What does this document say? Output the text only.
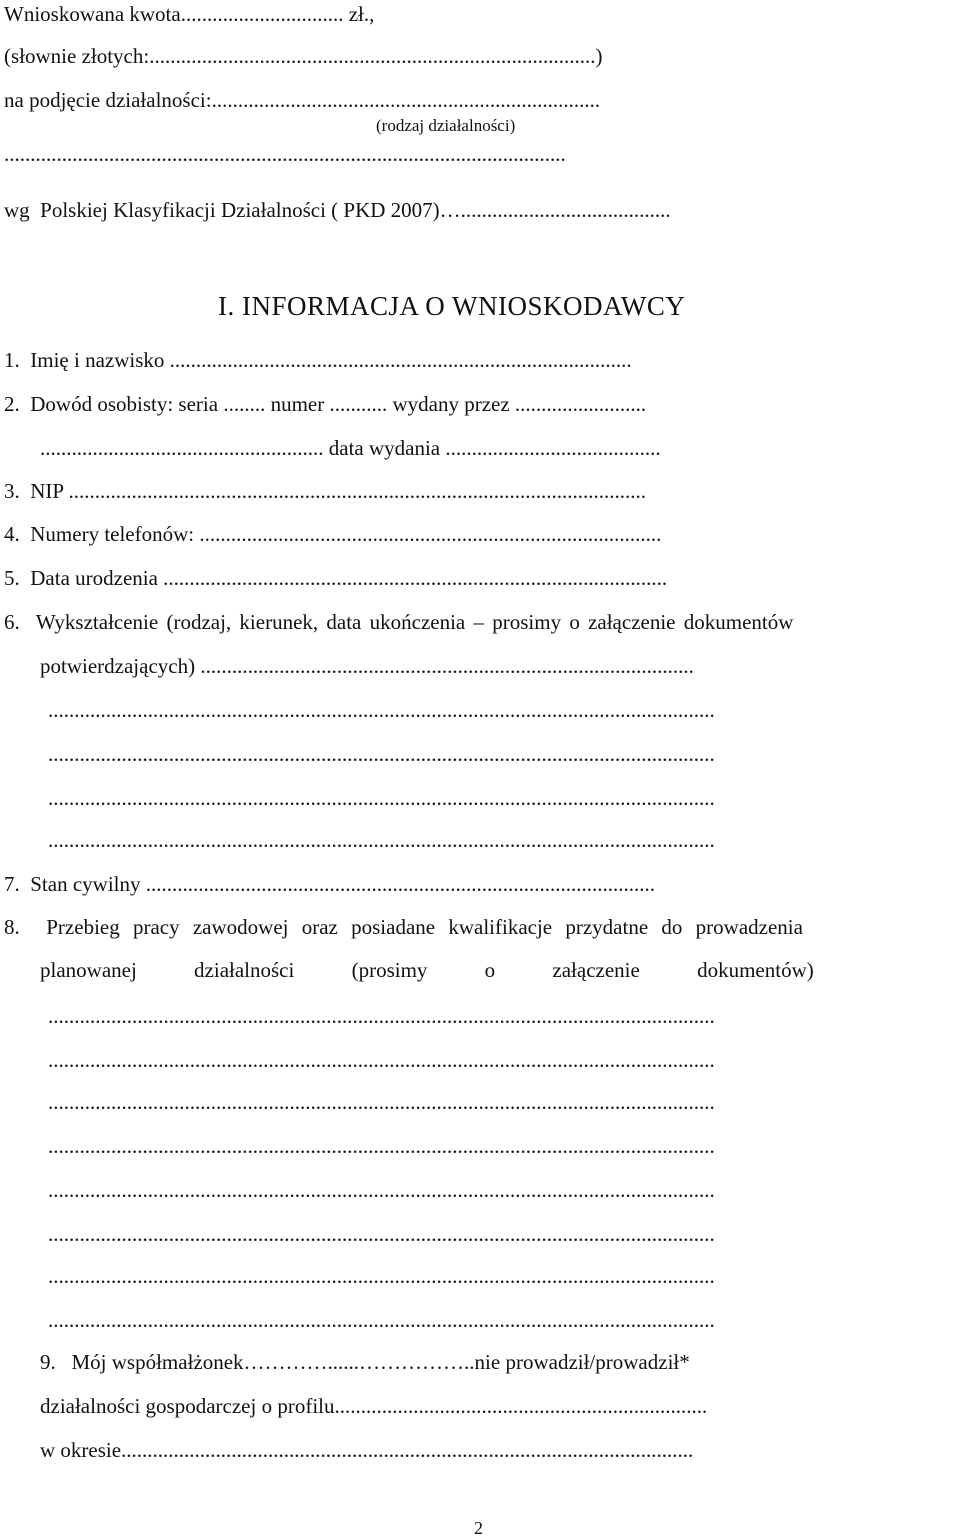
Wnioskowana kwota............................... zł.,
(słownie złotych:.....................................................................................)
na podjęcie działalności:..........................................................................
(rodzaj działalności)
...........................................................................................................
wg  Polskiej Klasyfikacji Działalności ( PKD 2007)…........................................
I. INFORMACJA O WNIOSKODAWCY
1.  Imię i nazwisko ........................................................................................
2.  Dowód osobisty: seria ........ numer ........... wydany przez .........................
...................................................... data wydania .........................................
3.  NIP ..............................................................................................................
4.  Numery telefonów: ........................................................................................
5.  Data urodzenia ................................................................................................
6.  Wykształcenie (rodzaj, kierunek, data ukończenia – prosimy o załączenie dokumentów
potwierdzających) ..............................................................................................
...............................................................................................................................
...............................................................................................................................
...............................................................................................................................
...............................................................................................................................
7.  Stan cywilny .................................................................................................
8.  Przebieg pracy zawodowej oraz posiadane kwalifikacje przydatne do prowadzenia
planowanej działalności (prosimy o załączenie dokumentów)
...............................................................................................................................
...............................................................................................................................
...............................................................................................................................
...............................................................................................................................
...............................................................................................................................
...............................................................................................................................
...............................................................................................................................
...............................................................................................................................
9.   Mój współmałżonek…………......……………..nie prowadził/prowadził*
działalności gospodarczej o profilu.......................................................................
w okresie.............................................................................................................
2
